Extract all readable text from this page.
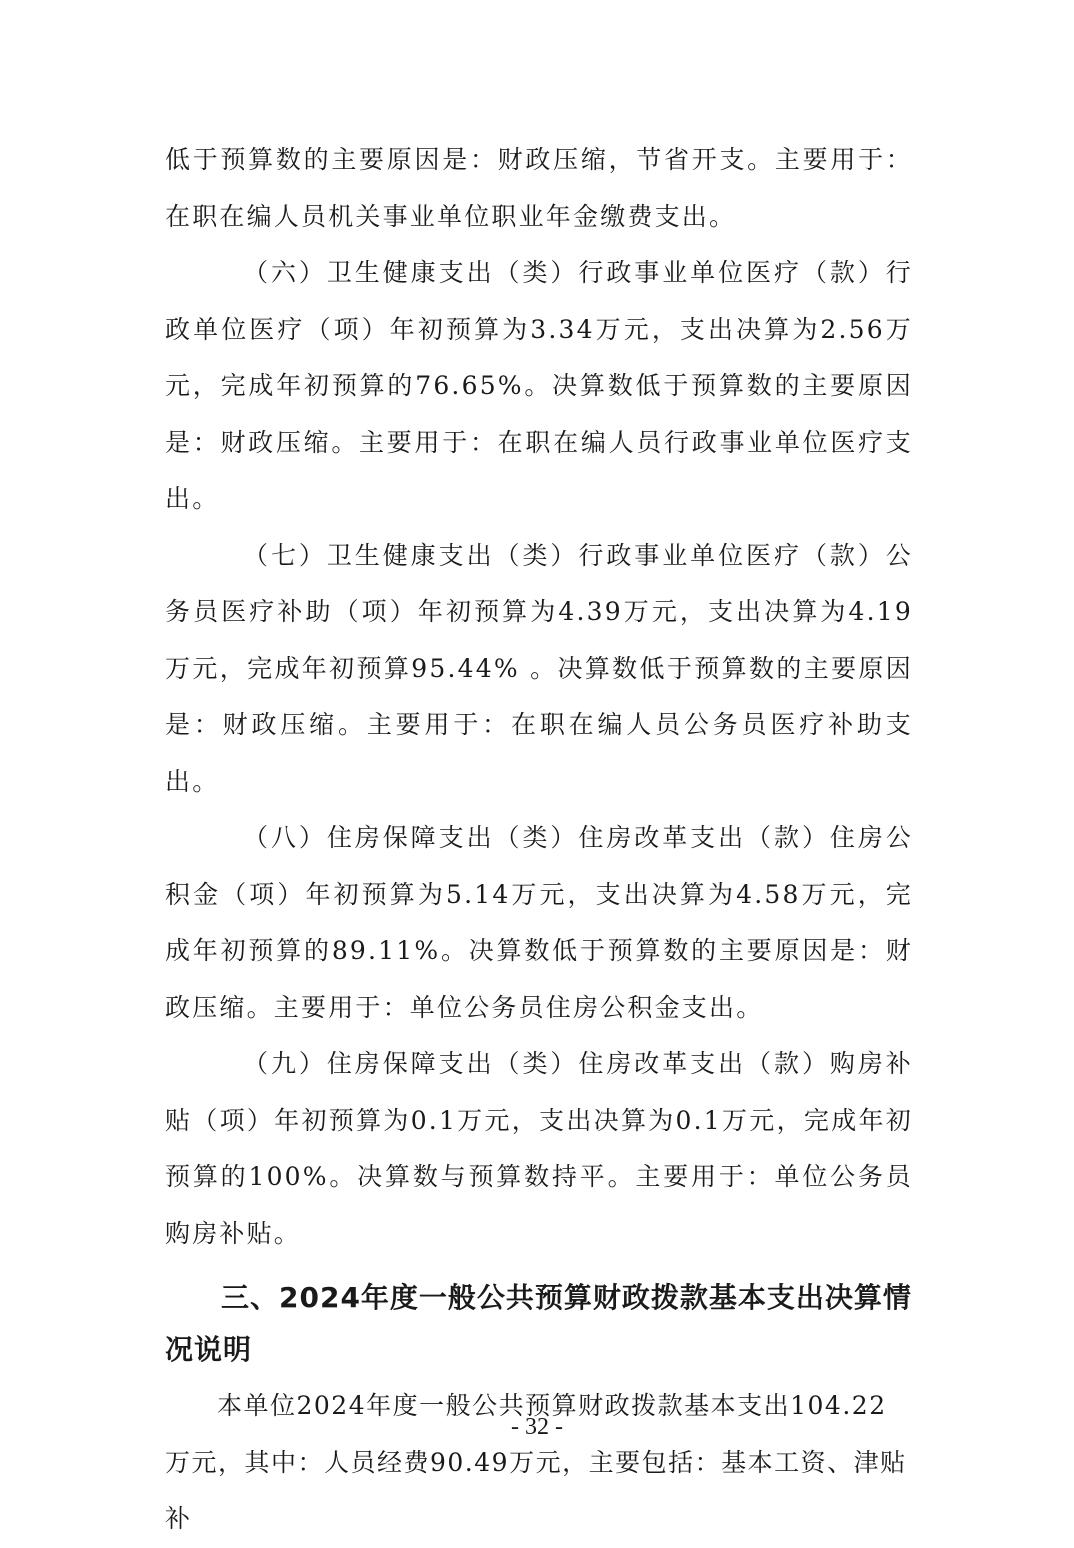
低于预算数的主要原因是：财政压缩，节省开支。主要用于：在职在编人员机关事业单位职业年金缴费支出。

（六）卫生健康支出（类）行政事业单位医疗（款）行政单位医疗（项）年初预算为3.34万元，支出决算为2.56万元，完成年初预算的76.65%。决算数低于预算数的主要原因是：财政压缩。主要用于：在职在编人员行政事业单位医疗支出。

（七）卫生健康支出（类）行政事业单位医疗（款）公务员医疗补助（项）年初预算为4.39万元，支出决算为4.19万元，完成年初预算95.44% 。决算数低于预算数的主要原因是：财政压缩。主要用于：在职在编人员公务员医疗补助支出。

（八）住房保障支出（类）住房改革支出（款）住房公积金（项）年初预算为5.14万元，支出决算为4.58万元，完成年初预算的89.11%。决算数低于预算数的主要原因是：财政压缩。主要用于：单位公务员住房公积金支出。

（九）住房保障支出（类）住房改革支出（款）购房补贴（项）年初预算为0.1万元，支出决算为0.1万元，完成年初预算的100%。决算数与预算数持平。主要用于：单位公务员购房补贴。

三、2024年度一般公共预算财政拨款基本支出决算情况说明

本单位2024年度一般公共预算财政拨款基本支出104.22万元，其中：人员经费90.49万元，主要包括：基本工资、津贴补

- 32 -
